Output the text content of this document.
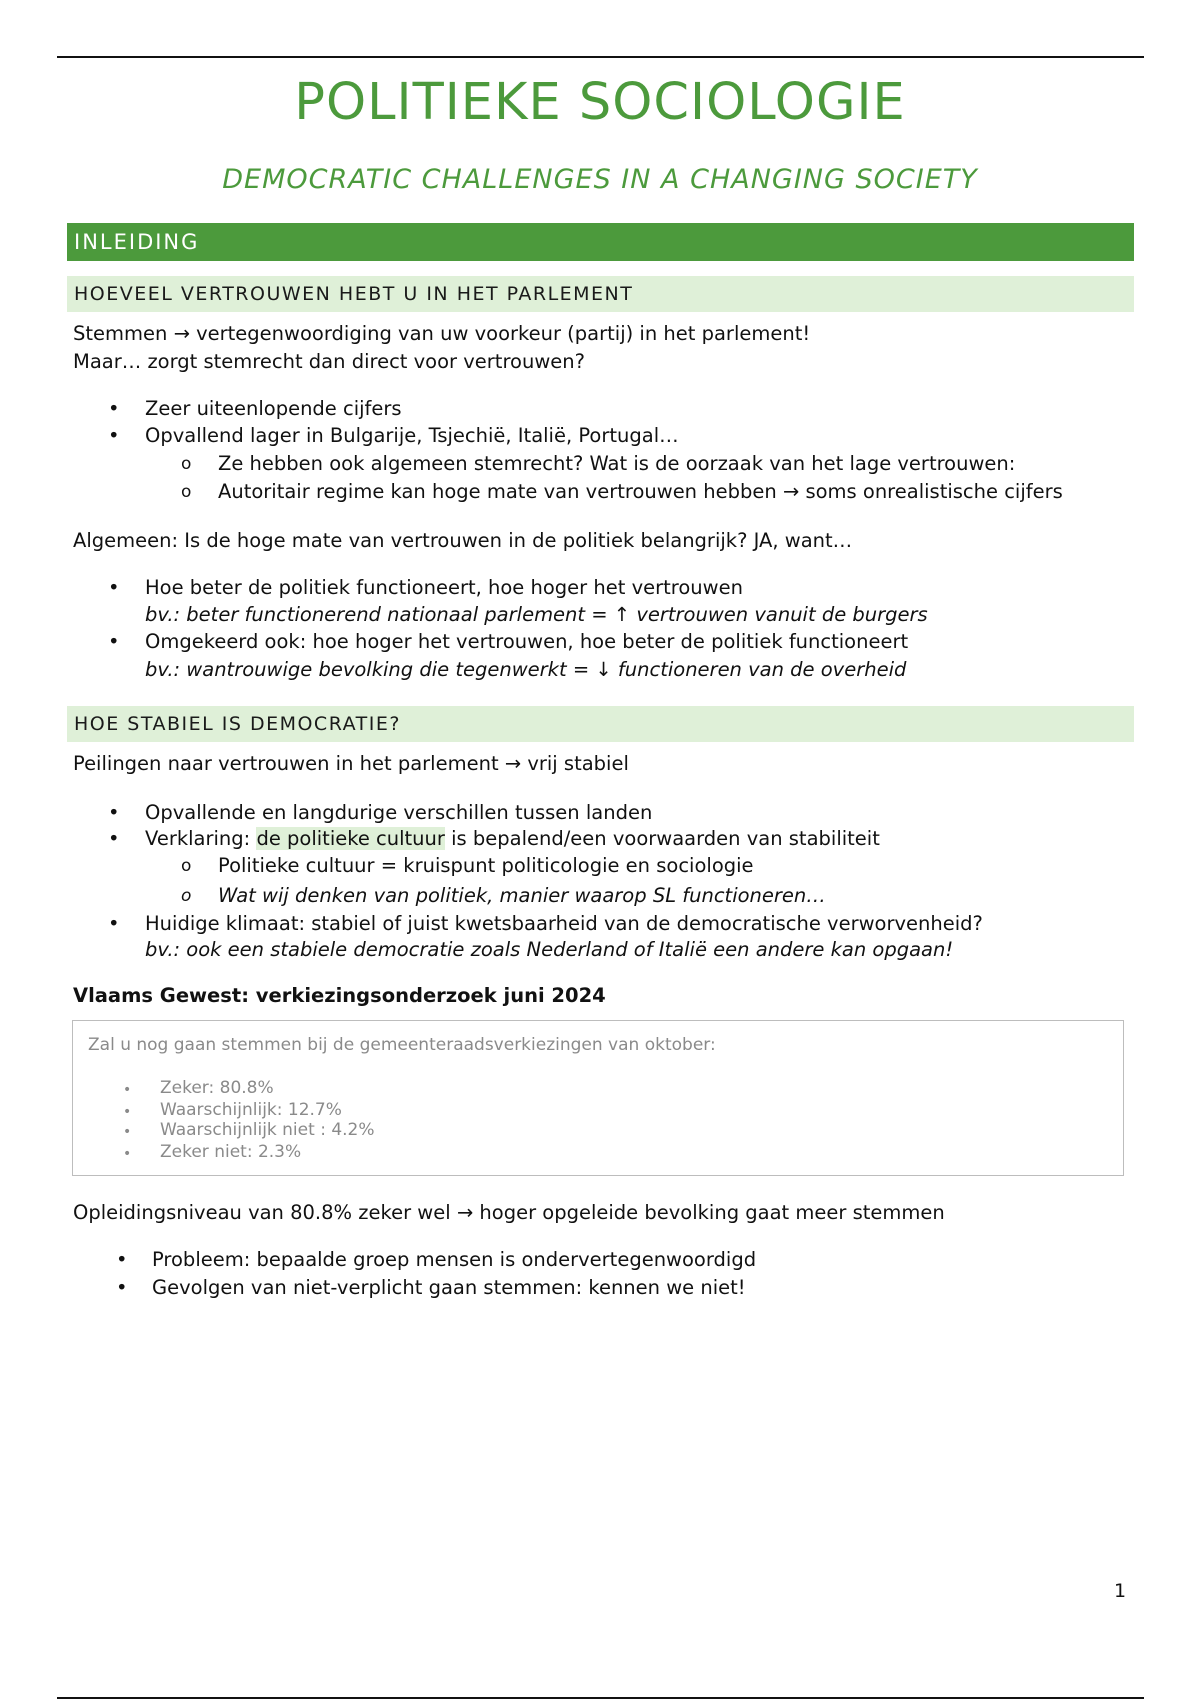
POLITIEKE SOCIOLOGIE
DEMOCRATIC CHALLENGES IN A CHANGING SOCIETY
INLEIDING
HOEVEEL VERTROUWEN HEBT U IN HET PARLEMENT
Stemmen → vertegenwoordiging van uw voorkeur (partij) in het parlement!
Maar… zorgt stemrecht dan direct voor vertrouwen?
• Zeer uiteenlopende cijfers
• Opvallend lager in Bulgarije, Tsjechië, Italië, Portugal…
o Ze hebben ook algemeen stemrecht? Wat is de oorzaak van het lage vertrouwen:
o Autoritair regime kan hoge mate van vertrouwen hebben → soms onrealistische cijfers
Algemeen: Is de hoge mate van vertrouwen in de politiek belangrijk? JA, want…
• Hoe beter de politiek functioneert, hoe hoger het vertrouwen
bv.: beter functionerend nationaal parlement = ↑ vertrouwen vanuit de burgers
• Omgekeerd ook: hoe hoger het vertrouwen, hoe beter de politiek functioneert
bv.: wantrouwige bevolking die tegenwerkt = ↓ functioneren van de overheid
HOE STABIEL IS DEMOCRATIE?
Peilingen naar vertrouwen in het parlement → vrij stabiel
• Opvallende en langdurige verschillen tussen landen
• Verklaring: de politieke cultuur is bepalend/een voorwaarden van stabiliteit
o Politieke cultuur = kruispunt politicologie en sociologie
o Wat wij denken van politiek, manier waarop SL functioneren…
• Huidige klimaat: stabiel of juist kwetsbaarheid van de democratische verworvenheid?
bv.: ook een stabiele democratie zoals Nederland of Italië een andere kan opgaan!
Vlaams Gewest: verkiezingsonderzoek juni 2024
Zal u nog gaan stemmen bij de gemeenteraadsverkiezingen van oktober:
• Zeker: 80.8%
• Waarschijnlijk: 12.7%
• Waarschijnlijk niet : 4.2%
• Zeker niet: 2.3%
Opleidingsniveau van 80.8% zeker wel → hoger opgeleide bevolking gaat meer stemmen
• Probleem: bepaalde groep mensen is ondervertegenwoordigd
• Gevolgen van niet-verplicht gaan stemmen: kennen we niet!
1
